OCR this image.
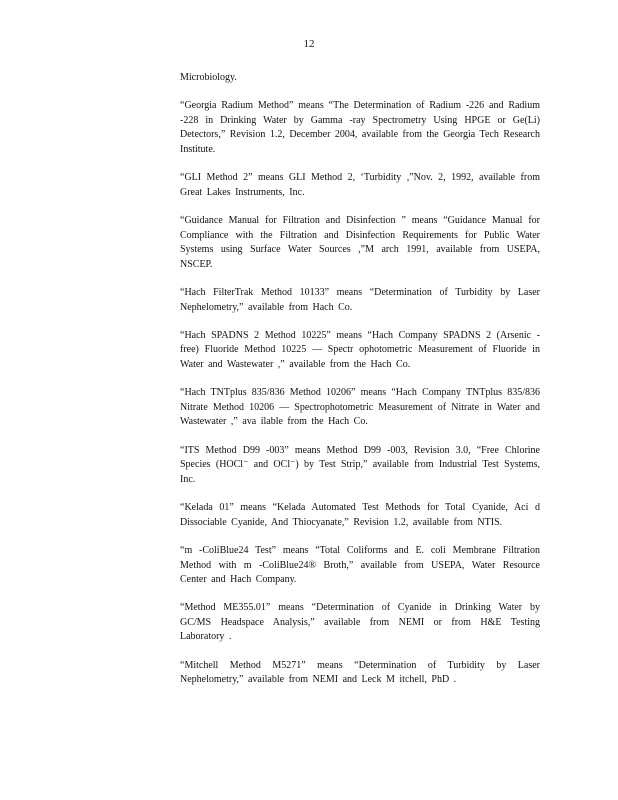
12

Microbiology.

“Georgia Radium Method” means “The Determination of Radium -226 and Radium -228 in Drinking Water by Gamma -ray Spectrometry Using HPGE or Ge(Li) Detectors,” Revision 1.2, December 2004, available from the Georgia Tech Research Institute.

“GLI Method 2” means GLI Method 2, ‘Turbidity ,”Nov. 2, 1992, available from Great Lakes Instruments, Inc.

“Guidance Manual for Filtration and Disinfection ” means “Guidance Manual for Compliance with the Filtration and Disinfection Requirements for Public Water Systems using Surface Water Sources ,”M arch 1991, available from USEPA, NSCEP.

“Hach FilterTrak Method 10133” means “Determination of Turbidity by Laser Nephelometry,” available from Hach Co.

“Hach SPADNS 2 Method 10225” means “Hach Company SPADNS 2 (Arsenic -free) Fluoride Method 10225 — Spectr ophotometric Measurement of Fluoride in Water and Wastewater ,” available from the Hach Co.

“Hach TNTplus 835/836 Method 10206” means “Hach Company TNTplus 835/836 Nitrate Method 10206 — Spectrophotometric Measurement of Nitrate in Water and Wastewater ,” ava ilable from the Hach Co.

“ITS Method D99 -003” means Method D99 -003, Revision 3.0, “Free Chlorine Species (HOCl⁻ and OCl⁻) by Test Strip,” available from Industrial Test Systems, Inc.

“Kelada 01” means “Kelada Automated Test Methods for Total Cyanide, Aci d Dissociable Cyanide, And Thiocyanate,” Revision 1.2, available from NTIS.

“m -ColiBlue24 Test” means “Total Coliforms and E. coli Membrane Filtration Method with m -ColiBlue24® Broth,” available from USEPA, Water Resource Center and Hach Company.

“Method ME355.01” means “Determination of Cyanide in Drinking Water by GC/MS Headspace Analysis,” available from NEMI or from H&E Testing Laboratory .

“Mitchell Method M5271” means “Determination of Turbidity by Laser Nephelometry,” available from NEMI and Leck M itchell, PhD .
